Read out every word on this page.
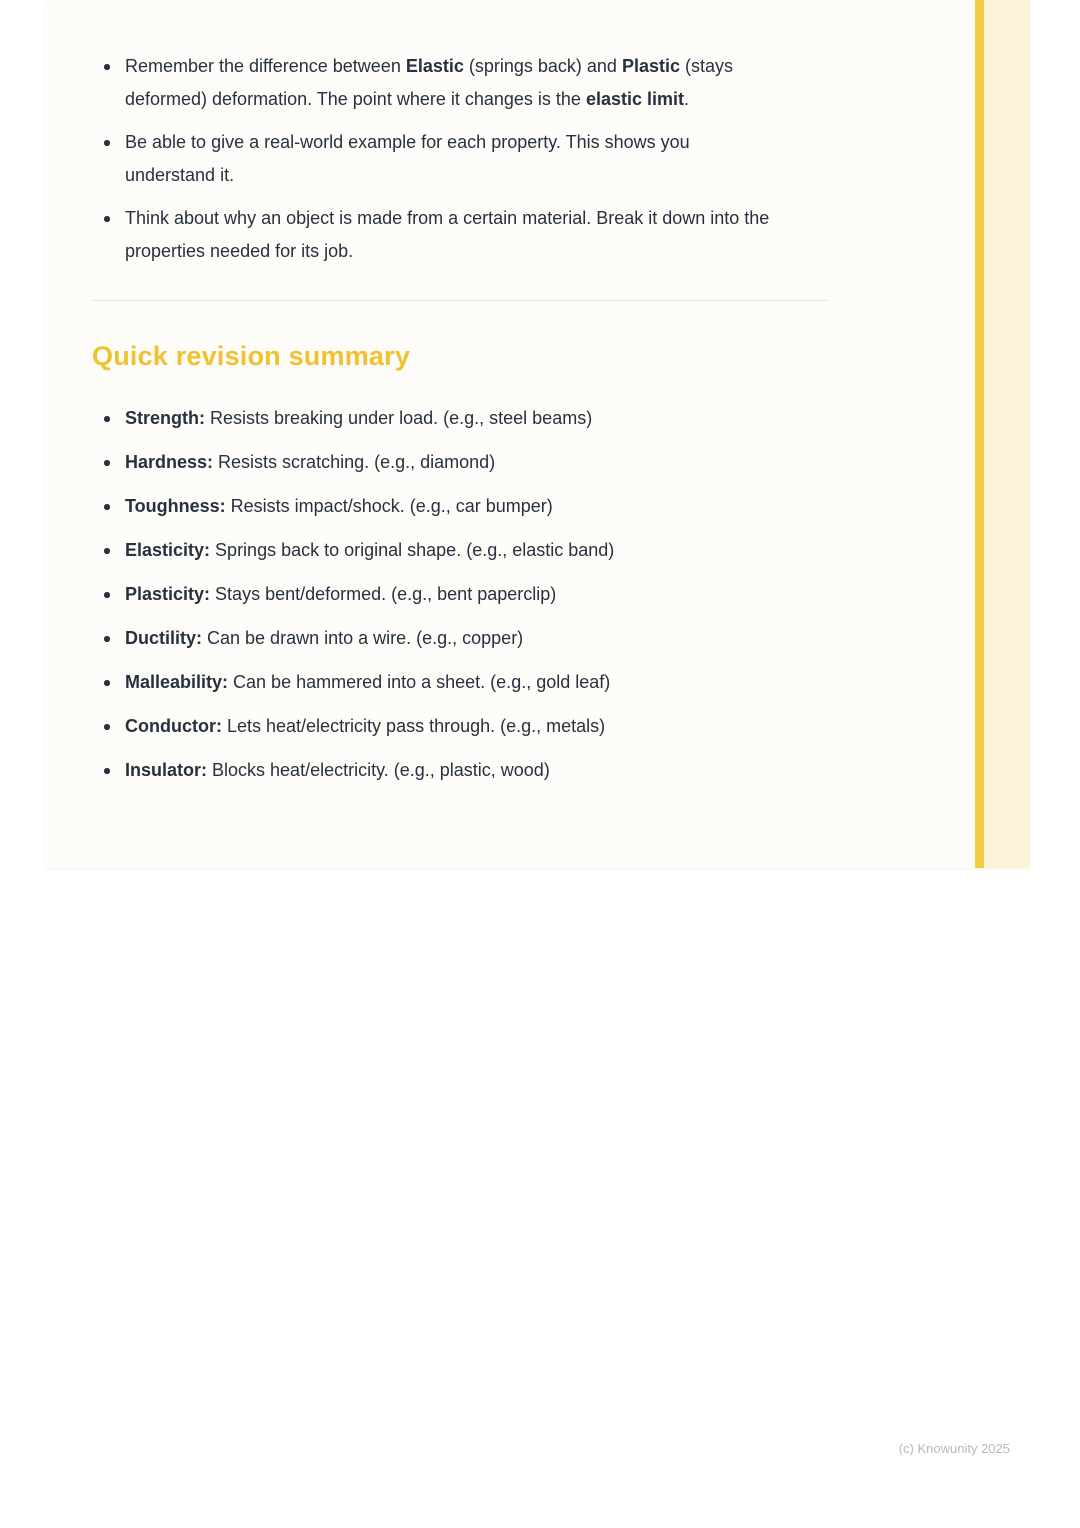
Remember the difference between Elastic (springs back) and Plastic (stays deformed) deformation. The point where it changes is the elastic limit.
Be able to give a real-world example for each property. This shows you understand it.
Think about why an object is made from a certain material. Break it down into the properties needed for its job.
Quick revision summary
Strength: Resists breaking under load. (e.g., steel beams)
Hardness: Resists scratching. (e.g., diamond)
Toughness: Resists impact/shock. (e.g., car bumper)
Elasticity: Springs back to original shape. (e.g., elastic band)
Plasticity: Stays bent/deformed. (e.g., bent paperclip)
Ductility: Can be drawn into a wire. (e.g., copper)
Malleability: Can be hammered into a sheet. (e.g., gold leaf)
Conductor: Lets heat/electricity pass through. (e.g., metals)
Insulator: Blocks heat/electricity. (e.g., plastic, wood)
(c) Knowunity 2025
